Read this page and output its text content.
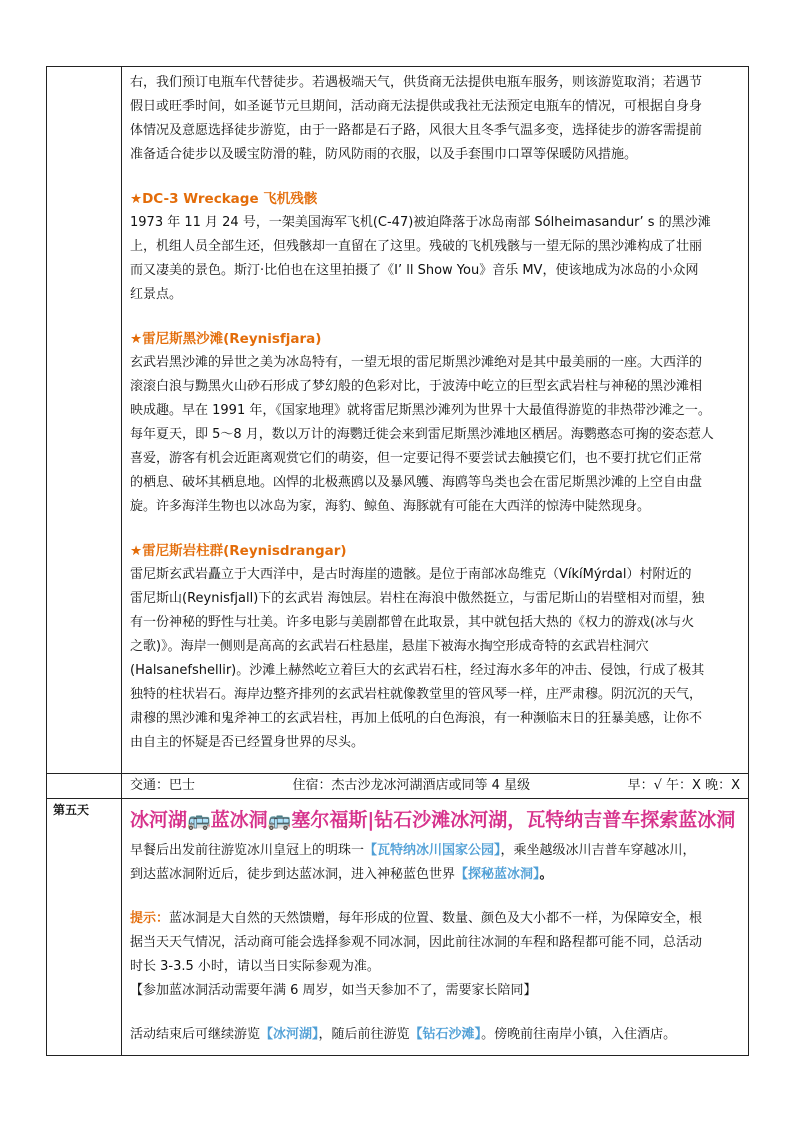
右，我们预订电瓶车代替徒步。若遇极端天气，供货商无法提供电瓶车服务，则该游览取消；若遇节

假日或旺季时间，如圣诞节元旦期间，活动商无法提供或我社无法预定电瓶车的情况，可根据自身身

体情况及意愿选择徒步游览，由于一路都是石子路，风很大且冬季气温多变，选择徒步的游客需提前

准备适合徒步以及暖宝防滑的鞋，防风防雨的衣服，以及手套围巾口罩等保暖防风措施。

★DC-3 Wreckage 飞机残骸

1973 年 11 月 24 号，一架美国海军飞机(C-47)被迫降落于冰岛南部 Sólheimasandur’ s 的黑沙滩

上，机组人员全部生还，但残骸却一直留在了这里。残破的飞机残骸与一望无际的黑沙滩构成了壮丽

而又凄美的景色。斯汀·比伯也在这里拍摄了《I’ ll Show You》音乐 MV，使该地成为冰岛的小众网

红景点。

★雷尼斯黑沙滩(Reynisfjara)

玄武岩黑沙滩的异世之美为冰岛特有，一望无垠的雷尼斯黑沙滩绝对是其中最美丽的一座。大西洋的

滚滚白浪与黝黑火山砂石形成了梦幻般的色彩对比，于波涛中屹立的巨型玄武岩柱与神秘的黑沙滩相

映成趣。早在 1991 年，《国家地理》就将雷尼斯黑沙滩列为世界十大最值得游览的非热带沙滩之一。

每年夏天，即 5～8 月，数以万计的海鹦迁徙会来到雷尼斯黑沙滩地区栖居。海鹦憨态可掬的姿态惹人

喜爱，游客有机会近距离观赏它们的萌姿，但一定要记得不要尝试去触摸它们，也不要打扰它们正常

的栖息、破坏其栖息地。凶悍的北极燕鸥以及暴风鹱、海鸥等鸟类也会在雷尼斯黑沙滩的上空自由盘

旋。许多海洋生物也以冰岛为家，海豹、鲸鱼、海豚就有可能在大西洋的惊涛中陡然现身。

★雷尼斯岩柱群(Reynisdrangar)

雷尼斯玄武岩矗立于大西洋中，是古时海崖的遗骸。是位于南部冰岛维克（VíkíMýrdal）村附近的

雷尼斯山(Reynisfjall)下的玄武岩 海蚀层。岩柱在海浪中傲然挺立，与雷尼斯山的岩壁相对而望，独

有一份神秘的野性与壮美。许多电影与美剧都曾在此取景，其中就包括大热的《权力的游戏(冰与火

之歌)》。海岸一侧则是高高的玄武岩石柱悬崖，悬崖下被海水掏空形成奇特的玄武岩柱洞穴

(Halsanefshellir)。沙滩上赫然屹立着巨大的玄武岩石柱，经过海水多年的冲击、侵蚀，行成了极其

独特的柱状岩石。海岸边整齐排列的玄武岩柱就像教堂里的管风琴一样，庄严肃穆。阴沉沉的天气，

肃穆的黑沙滩和鬼斧神工的玄武岩柱，再加上低吼的白色海浪，有一种濒临末日的狂暴美感，让你不

由自主的怀疑是否已经置身世界的尽头。

交通：巴士	住宿：杰古沙龙冰河湖酒店或同等 4 星级	早：√ 午：X 晚：X
第五天	冰河湖🚌蓝冰洞🚌塞尔福斯|钻石沙滩冰河湖，瓦特纳吉普车探索蓝冰洞

早餐后出发前往游览冰川皇冠上的明珠一【瓦特纳冰川国家公园】，乘坐越级冰川吉普车穿越冰川，

到达蓝冰洞附近后，徒步到达蓝冰洞，进入神秘蓝色世界【探秘蓝冰洞】。

提示：蓝冰洞是大自然的天然馈赠，每年形成的位置、数量、颜色及大小都不一样，为保障安全，根

据当天天气情况，活动商可能会选择参观不同冰洞，因此前往冰洞的车程和路程都可能不同，总活动

时长 3-3.5 小时，请以当日实际参观为准。

【参加蓝冰洞活动需要年满 6 周岁，如当天参加不了，需要家长陪同】

活动结束后可继续游览【冰河湖】，随后前往游览【钻石沙滩】。傍晚前往南岸小镇，入住酒店。
